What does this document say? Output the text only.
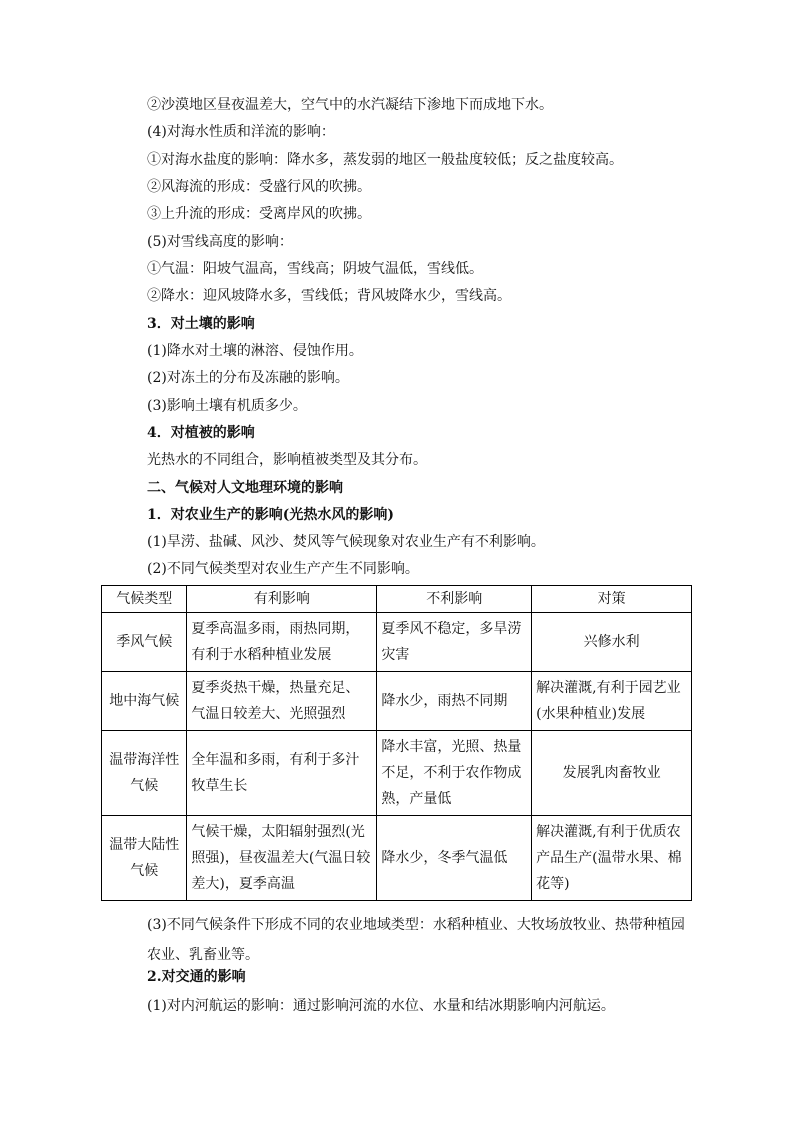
②沙漠地区昼夜温差大，空气中的水汽凝结下渗地下而成地下水。
(4)对海水性质和洋流的影响：
①对海水盐度的影响：降水多，蒸发弱的地区一般盐度较低；反之盐度较高。
②风海流的形成：受盛行风的吹拂。
③上升流的形成：受离岸风的吹拂。
(5)对雪线高度的影响：
①气温：阳坡气温高，雪线高；阴坡气温低，雪线低。
②降水：迎风坡降水多，雪线低；背风坡降水少，雪线高。
3．对土壤的影响
(1)降水对土壤的淋溶、侵蚀作用。
(2)对冻土的分布及冻融的影响。
(3)影响土壤有机质多少。
4．对植被的影响
光热水的不同组合，影响植被类型及其分布。
二、气候对人文地理环境的影响
1．对农业生产的影响(光热水风的影响)
(1)旱涝、盐碱、风沙、焚风等气候现象对农业生产有不利影响。
(2)不同气候类型对农业生产产生不同影响。
气候类型	有利影响	不利影响	对策
季风气候	夏季高温多雨，雨热同期，有利于水稻种植业发展	夏季风不稳定，多旱涝灾害	兴修水利
地中海气候	夏季炎热干燥，热量充足、气温日较差大、光照强烈	降水少，雨热不同期	解决灌溉,有利于园艺业(水果种植业)发展
温带海洋性气候	全年温和多雨，有利于多汁牧草生长	降水丰富，光照、热量不足，不利于农作物成熟，产量低	发展乳肉畜牧业
温带大陆性气候	气候干燥，太阳辐射强烈(光照强)，昼夜温差大(气温日较差大)，夏季高温	降水少，冬季气温低	解决灌溉,有利于优质农产品生产(温带水果、棉花等)
(3)不同气候条件下形成不同的农业地域类型：水稻种植业、大牧场放牧业、热带种植园农业、乳畜业等。
2.对交通的影响
(1)对内河航运的影响：通过影响河流的水位、水量和结冰期影响内河航运。
